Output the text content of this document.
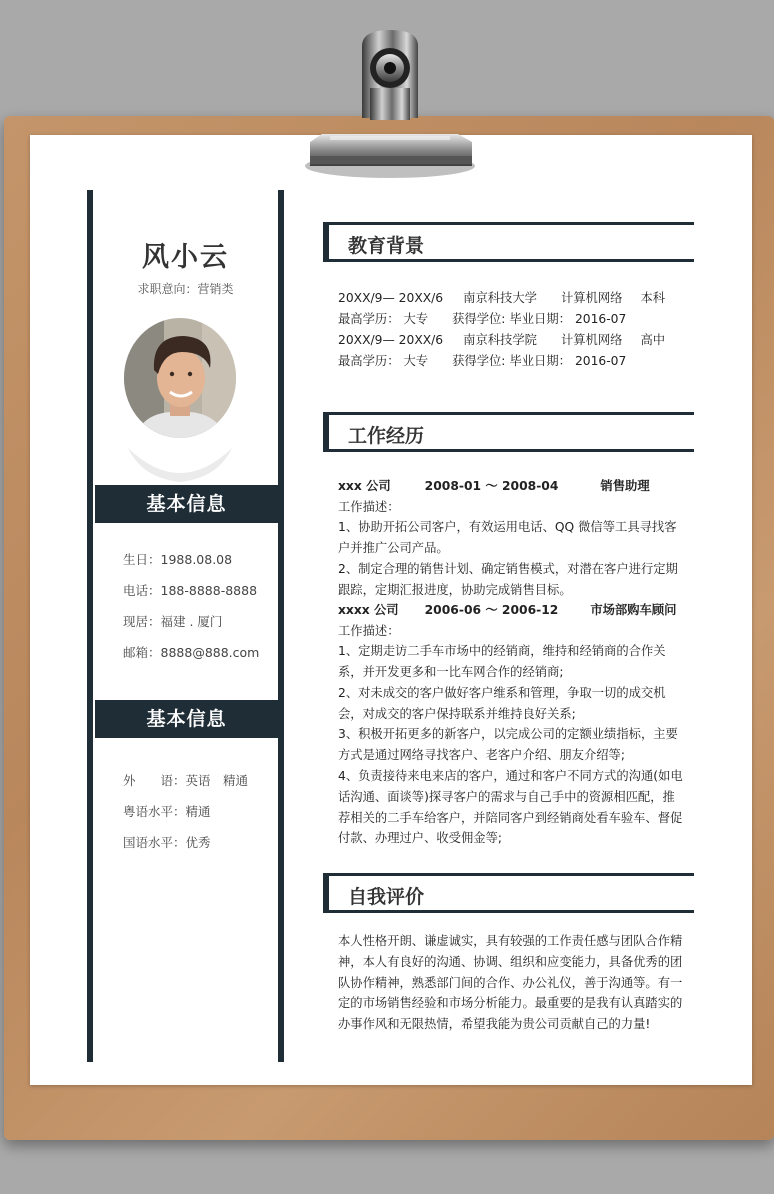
风小云
求职意向：营销类
基本信息
生日：1988.08.08
电话：188-8888-8888
现居：福建 . 厦门
邮箱：8888@888.com
基本信息
外　　语：英语　精通
粤语水平：精通
国语水平：优秀
教育背景
20XX/9— 20XX/6 南京科技大学 计算机网络 本科
最高学历： 大专 获得学位: 毕业日期： 2016-07
20XX/9— 20XX/6 南京科技学院 计算机网络 高中
最高学历： 大专 获得学位: 毕业日期： 2016-07
工作经历
xxx 公司	2008-01 ～ 2008-04	销售助理
工作描述：
1、协助开拓公司客户，有效运用电话、QQ 微信等工具寻找客户并推广公司产品。
2、制定合理的销售计划、确定销售模式，对潜在客户进行定期跟踪，定期汇报进度，协助完成销售目标。
xxxx 公司 2006-06 ～ 2006-12	市场部购车顾问
工作描述：
1、定期走访二手车市场中的经销商，维持和经销商的合作关系，并开发更多和一比车网合作的经销商;
2、对未成交的客户做好客户维系和管理，争取一切的成交机会，对成交的客户保持联系并维持良好关系;
3、积极开拓更多的新客户，以完成公司的定额业绩指标，主要方式是通过网络寻找客户、老客户介绍、朋友介绍等;
4、负责接待来电来店的客户，通过和客户不同方式的沟通(如电话沟通、面谈等)探寻客户的需求与自己手中的资源相匹配，推荐相关的二手车给客户，并陪同客户到经销商处看车验车、督促付款、办理过户、收受佣金等;
自我评价
本人性格开朗、谦虚诚实，具有较强的工作责任感与团队合作精神，本人有良好的沟通、协调、组织和应变能力，具备优秀的团队协作精神，熟悉部门间的合作、办公礼仪，善于沟通等。有一定的市场销售经验和市场分析能力。最重要的是我有认真踏实的办事作风和无限热情，希望我能为贵公司贡献自己的力量!
